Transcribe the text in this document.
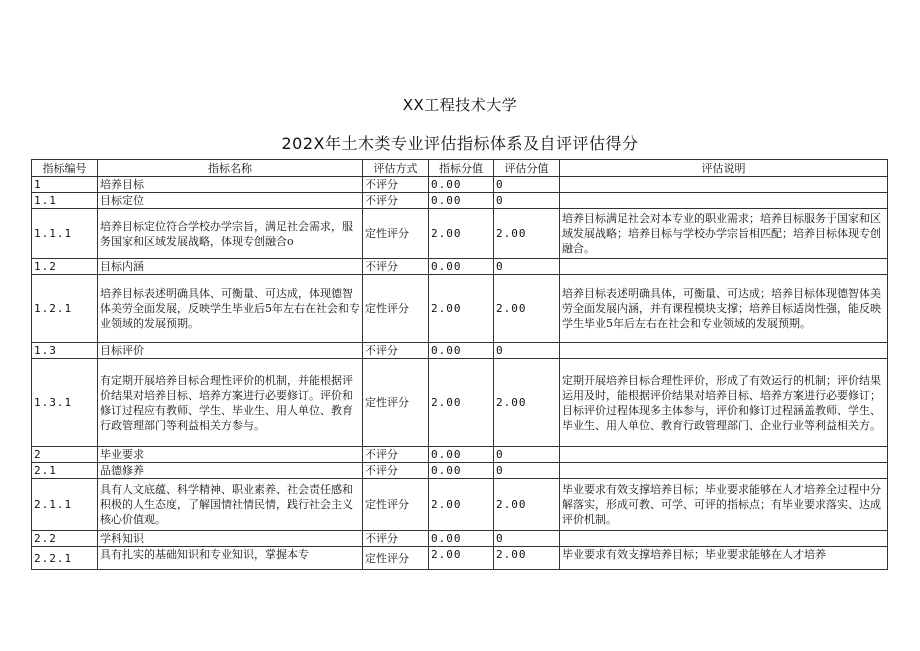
XX工程技术大学
202X年土木类专业评估指标体系及自评评估得分
指标编号	指标名称	评估方式	指标分值	评估分值	评估说明
1	培养目标	不评分	0.00	0	
1.1	目标定位	不评分	0.00	0	
1.1.1	培养目标定位符合学校办学宗旨，满足社会需求，服务国家和区域发展战略，体现专创融合o	定性评分	2.00	2.00	培养目标满足社会对本专业的职业需求；培养目标服务于国家和区域发展战略；培养目标与学校办学宗旨相匹配；培养目标体现专创融合。
1.2	目标内涵	不评分	0.00	0	
1.2.1	培养目标表述明确具体、可衡量、可达成，体现德智体美劳全面发展，反映学生毕业后5年左右在社会和专业领域的发展预期。	定性评分	2.00	2.00	培养目标表述明确具体，可衡量、可达成；培养目标体现德智体美劳全面发展内涵，并有课程模块支撑；培养目标适岗性强，能反映学生毕业5年后左右在社会和专业领域的发展预期。
1.3	目标评价	不评分	0.00	0	
1.3.1	有定期开展培养目标合理性评价的机制，并能根据评价结果对培养目标、培养方案进行必要修订。评价和修订过程应有教师、学生、毕业生、用人单位、教育行政管理部门等利益相关方参与。	定性评分	2.00	2.00	定期开展培养目标合理性评价，形成了有效运行的机制；评价结果运用及时，能根据评价结果对培养目标、培养方案进行必要修订；目标评价过程体现多主体参与，评价和修订过程涵盖教师、学生、毕业生、用人单位、教育行政管理部门、企业行业等利益相关方。
2	毕业要求	不评分	0.00	0	
2.1	品德修养	不评分	0.00	0	
2.1.1	具有人文底蕴、科学精神、职业素养、社会责任感和积极的人生态度，了解国情社情民情，践行社会主义核心价值观。	定性评分	2.00	2.00	毕业要求有效支撑培养目标；毕业要求能够在人才培养全过程中分解落实，形成可教、可学、可评的指标点；有毕业要求落实、达成评价机制。
2.2	学科知识	不评分	0.00	0	
2.2.1	具有扎实的基础知识和专业知识，掌握本专	定性评分	2.00	2.00	毕业要求有效支撑培养目标；毕业要求能够在人才培养
